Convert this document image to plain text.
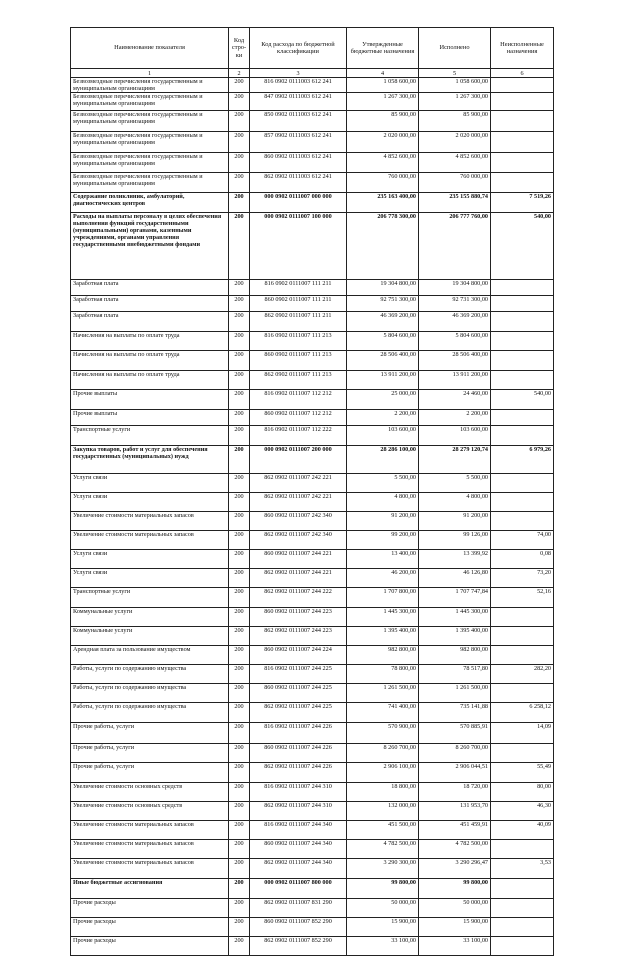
Наименование показателя	Код стро-ки	Код расхода по бюджетной классификации	Утвержденные бюджетные назначения	Исполнено	Неисполненные назначения
1	2	3	4	5	6
Безвозмездные перечисления государственным и муниципальным организациям	200	816 0902 0111003 612 241	1 058 600,00	1 058 600,00	
Безвозмездные перечисления государственным и муниципальным организациям	200	847 0902 0111003 612 241	1 267 300,00	1 267 300,00	
Безвозмездные перечисления государственным и муниципальным организациям	200	850 0902 0111003 612 241	85 900,00	85 900,00	
Безвозмездные перечисления государственным и муниципальным организациям	200	857 0902 0111003 612 241	2 020 000,00	2 020 000,00	
Безвозмездные перечисления государственным и муниципальным организациям	200	860 0902 0111003 612 241	4 852 600,00	4 852 600,00	
Безвозмездные перечисления государственным и муниципальным организациям	200	862 0902 0111003 612 241	760 000,00	760 000,00	
Содержание поликлиник, амбулаторий, диагностических центров	200	000 0902 0111007 000 000	235 163 400,00	235 155 880,74	7 519,26
Расходы на выплаты персоналу в целях обеспечения выполнения функций государственными (муниципальными) органами, казенными учреждениями, органами управления государственными внебюджетными фондами	200	000 0902 0111007 100 000	206 778 300,00	206 777 760,00	540,00
Заработная плата	200	816 0902 0111007 111 211	19 304 800,00	19 304 800,00	
Заработная плата	200	860 0902 0111007 111 211	92 751 300,00	92 731 300,00	
Заработная плата	200	862 0902 0111007 111 211	46 369 200,00	46 369 200,00	
Начисления на выплаты по оплате труда	200	816 0902 0111007 111 213	5 804 600,00	5 804 600,00	
Начисления на выплаты по оплате труда	200	860 0902 0111007 111 213	28 506 400,00	28 506 400,00	
Начисления на выплаты по оплате труда	200	862 0902 0111007 111 213	13 911 200,00	13 911 200,00	
Прочие выплаты	200	816 0902 0111007 112 212	25 000,00	24 460,00	540,00
Прочие выплаты	200	860 0902 0111007 112 212	2 200,00	2 200,00	
Транспортные услуги	200	816 0902 0111007 112 222	103 600,00	103 600,00	
Закупка товаров, работ и услуг для обеспечения государственных (муниципальных) нужд	200	000 0902 0111007 200 000	28 286 100,00	28 279 120,74	6 979,26
Услуги связи	200	862 0902 0111007 242 221	5 500,00	5 500,00	
Услуги связи	200	862 0902 0111007 242 221	4 800,00	4 800,00	
Увеличение стоимости материальных запасов	200	860 0902 0111007 242 340	91 200,00	91 200,00	
Увеличение стоимости материальных запасов	200	862 0902 0111007 242 340	99 200,00	99 126,00	74,00
Услуги связи	200	860 0902 0111007 244 221	13 400,00	13 399,92	0,08
Услуги связи	200	862 0902 0111007 244 221	46 200,00	46 126,80	73,20
Транспортные услуги	200	862 0902 0111007 244 222	1 707 800,00	1 707 747,84	52,16
Коммунальные услуги	200	860 0902 0111007 244 223	1 445 300,00	1 445 300,00	
Коммунальные услуги	200	862 0902 0111007 244 223	1 395 400,00	1 395 400,00	
Арендная плата за пользование имуществом	200	860 0902 0111007 244 224	982 800,00	982 800,00	
Работы, услуги по содержанию имущества	200	816 0902 0111007 244 225	78 800,00	78 517,80	282,20
Работы, услуги по содержанию имущества	200	860 0902 0111007 244 225	1 261 500,00	1 261 500,00	
Работы, услуги по содержанию имущества	200	862 0902 0111007 244 225	741 400,00	735 141,88	6 258,12
Прочие работы, услуги	200	816 0902 0111007 244 226	570 900,00	570 885,91	14,09
Прочие работы, услуги	200	860 0902 0111007 244 226	8 260 700,00	8 260 700,00	
Прочие работы, услуги	200	862 0902 0111007 244 226	2 906 100,00	2 906 044,51	55,49
Увеличение стоимости основных средств	200	816 0902 0111007 244 310	18 800,00	18 720,00	80,00
Увеличение стоимости основных средств	200	862 0902 0111007 244 310	132 000,00	131 953,70	46,30
Увеличение стоимости материальных запасов	200	816 0902 0111007 244 340	451 500,00	451 459,91	40,09
Увеличение стоимости материальных запасов	200	860 0902 0111007 244 340	4 782 500,00	4 782 500,00	
Увеличение стоимости материальных запасов	200	862 0902 0111007 244 340	3 290 300,00	3 290 296,47	3,53
Иные бюджетные ассигнования	200	000 0902 0111007 800 000	99 800,00	99 800,00	
Прочие расходы	200	862 0902 0111007 831 290	50 000,00	50 000,00	
Прочие расходы	200	860 0902 0111007 852 290	15 900,00	15 900,00	
Прочие расходы	200	862 0902 0111007 852 290	33 100,00	33 100,00	
